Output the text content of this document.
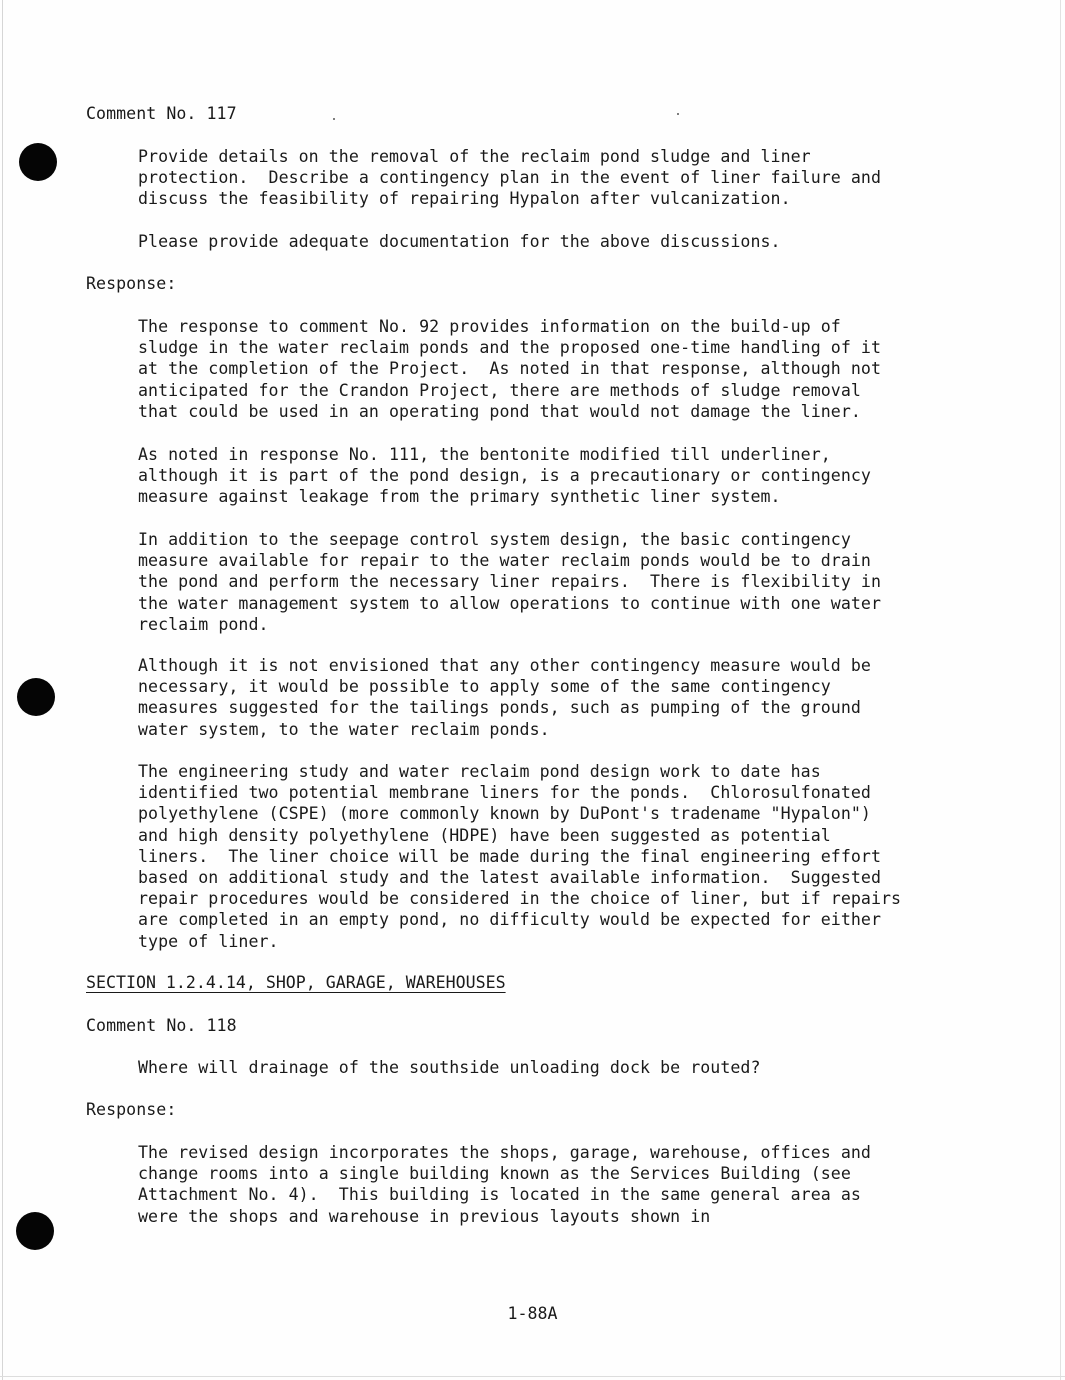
Comment No. 117

Provide details on the removal of the reclaim pond sludge and liner
protection.  Describe a contingency plan in the event of liner failure and
discuss the feasibility of repairing Hypalon after vulcanization.

Please provide adequate documentation for the above discussions.

Response:

The response to comment No. 92 provides information on the build-up of
sludge in the water reclaim ponds and the proposed one-time handling of it
at the completion of the Project.  As noted in that response, although not
anticipated for the Crandon Project, there are methods of sludge removal
that could be used in an operating pond that would not damage the liner.

As noted in response No. 111, the bentonite modified till underliner,
although it is part of the pond design, is a precautionary or contingency
measure against leakage from the primary synthetic liner system.

In addition to the seepage control system design, the basic contingency
measure available for repair to the water reclaim ponds would be to drain
the pond and perform the necessary liner repairs.  There is flexibility in
the water management system to allow operations to continue with one water
reclaim pond.

Although it is not envisioned that any other contingency measure would be
necessary, it would be possible to apply some of the same contingency
measures suggested for the tailings ponds, such as pumping of the ground
water system, to the water reclaim ponds.

The engineering study and water reclaim pond design work to date has
identified two potential membrane liners for the ponds.  Chlorosulfonated
polyethylene (CSPE) (more commonly known by DuPont's tradename "Hypalon")
and high density polyethylene (HDPE) have been suggested as potential
liners.  The liner choice will be made during the final engineering effort
based on additional study and the latest available information.  Suggested
repair procedures would be considered in the choice of liner, but if repairs
are completed in an empty pond, no difficulty would be expected for either
type of liner.

SECTION 1.2.4.14, SHOP, GARAGE, WAREHOUSES

Comment No. 118

Where will drainage of the southside unloading dock be routed?

Response:

The revised design incorporates the shops, garage, warehouse, offices and
change rooms into a single building known as the Services Building (see
Attachment No. 4).  This building is located in the same general area as
were the shops and warehouse in previous layouts shown in

1-88A
